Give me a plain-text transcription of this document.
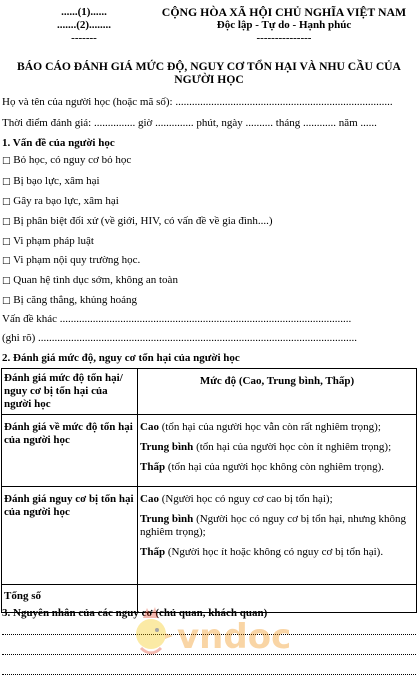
......(1)......
.......(2)........
-------
CỘNG HÒA XÃ HỘI CHỦ NGHĨA VIỆT NAM
Độc lập - Tự do - Hạnh phúc
---------------
BÁO CÁO ĐÁNH GIÁ MỨC ĐỘ, NGUY CƠ TỔN HẠI VÀ NHU CẦU CỦA NGƯỜI HỌC
Họ và tên của người học (hoặc mã số): ...............................................................................
Thời điểm đánh giá: ............... giờ .............. phút, ngày .......... tháng ............ năm ......
1. Vấn đề của người học
□ Bỏ học, có nguy cơ bỏ học
□ Bị bạo lực, xâm hại
□ Gây ra bạo lực, xâm hại
□ Bị phân biệt đối xử (về giới, HIV, có vấn đề về gia đình....)
□ Vi phạm pháp luật
□ Vi phạm nội quy trường học.
□ Quan hệ tình dục sớm, không an toàn
□ Bị căng thẳng, khủng hoảng
Vấn đề khác ..........................................................................................................
(ghi rõ) ....................................................................................................................
2. Đánh giá mức độ, nguy cơ tổn hại của người học
Đánh giá mức độ tổn hại/ nguy cơ bị tổn hại của người học	Mức độ (Cao, Trung bình, Thấp)
Đánh giá về mức độ tổn hại của người học	Cao (tổn hại của người học vẫn còn rất nghiêm trọng);
Trung bình (tổn hại của người học còn ít nghiêm trọng);
Thấp (tổn hại của người học không còn nghiêm trọng).

Đánh giá nguy cơ bị tổn hại của người học	Cao (Người học có nguy cơ cao bị tổn hại);
Trung bình (Người học có nguy cơ bị tổn hại, nhưng không nghiêm trọng);
Thấp (Người học ít hoặc không có nguy cơ bị tổn hại).

Tổng số	
3. Nguyên nhân của các nguy cơ (chủ quan, khách quan)
vndoc
